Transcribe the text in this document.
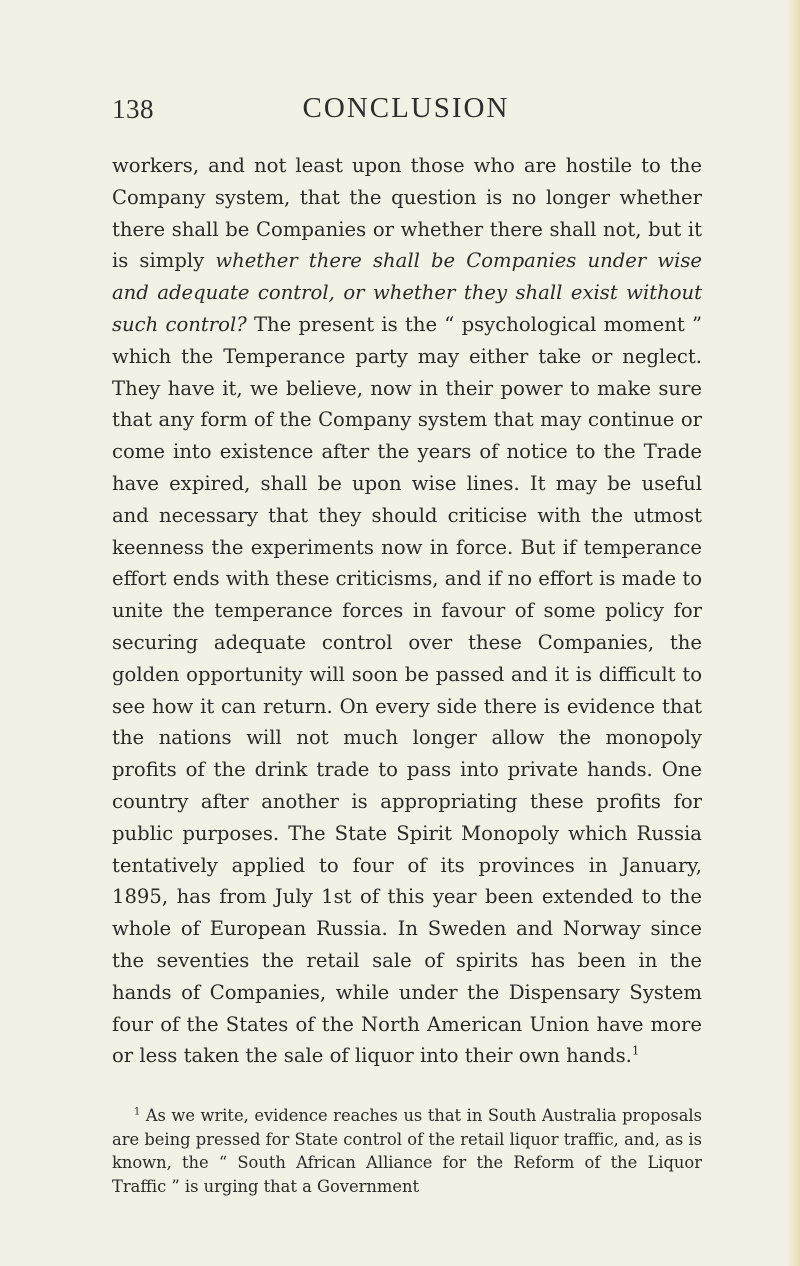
138	CONCLUSION

workers, and not least upon those who are hostile to the Company system, that the question is no longer whether there shall be Companies or whether there shall not, but it is simply whether there shall be Companies under wise and adequate control, or whether they shall exist without such control? The present is the “ psychological moment ” which the Temperance party may either take or neglect. They have it, we believe, now in their power to make sure that any form of the Company system that may continue or come into existence after the years of notice to the Trade have expired, shall be upon wise lines. It may be useful and necessary that they should criticise with the utmost keenness the experiments now in force. But if temperance effort ends with these criticisms, and if no effort is made to unite the temperance forces in favour of some policy for securing adequate control over these Companies, the golden opportunity will soon be passed and it is difficult to see how it can return. On every side there is evidence that the nations will not much longer allow the monopoly profits of the drink trade to pass into private hands. One country after another is appropriating these profits for public purposes. The State Spirit Monopoly which Russia tentatively applied to four of its provinces in January, 1895, has from July 1st of this year been extended to the whole of European Russia. In Sweden and Norway since the seventies the retail sale of spirits has been in the hands of Companies, while under the Dispensary System four of the States of the North American Union have more or less taken the sale of liquor into their own hands.$^1$

$^1$ As we write, evidence reaches us that in South Australia proposals are being pressed for State control of the retail liquor traffic, and, as is known, the “ South African Alliance for the Reform of the Liquor Traffic ” is urging that a Government
